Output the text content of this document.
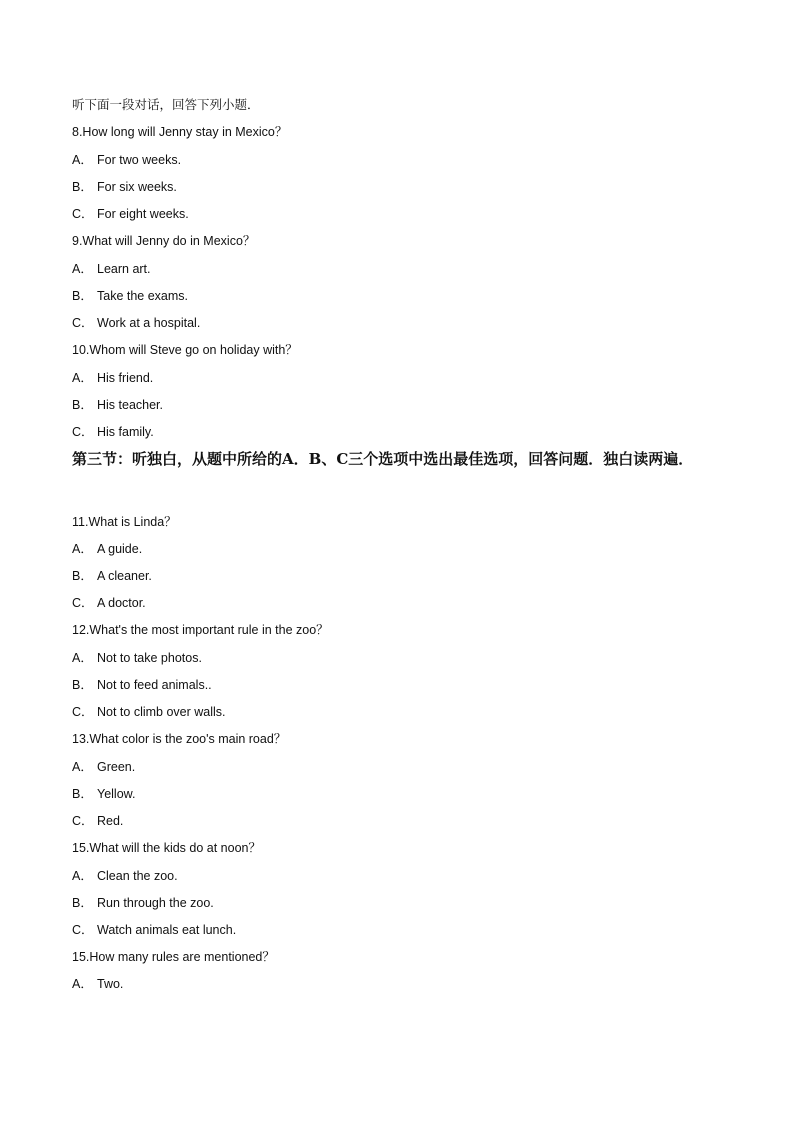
听下面一段对话，回答下列小题．
8.How long will Jenny stay in Mexico？
A． For two weeks.
B． For six weeks.
C． For eight weeks.
9.What will Jenny do in Mexico？
A． Learn art.
B． Take the exams.
C． Work at a hospital.
10.Whom will Steve go on holiday with？
A． His friend.
B． His teacher.
C． His family.
第三节：听独白，从题中所给的A．B、C三个选项中选出最佳选项，回答问题．独白读两遍．
11.What is Linda？
A． A guide.
B． A cleaner.
C． A doctor.
12.What's the most important rule in the zoo？
A． Not to take photos.
B． Not to feed animals..
C． Not to climb over walls.
13.What color is the zoo's main road？
A． Green.
B． Yellow.
C． Red.
15.What will the kids do at noon？
A． Clean the zoo.
B． Run through the zoo.
C． Watch animals eat lunch.
15.How many rules are mentioned？
A． Two.
